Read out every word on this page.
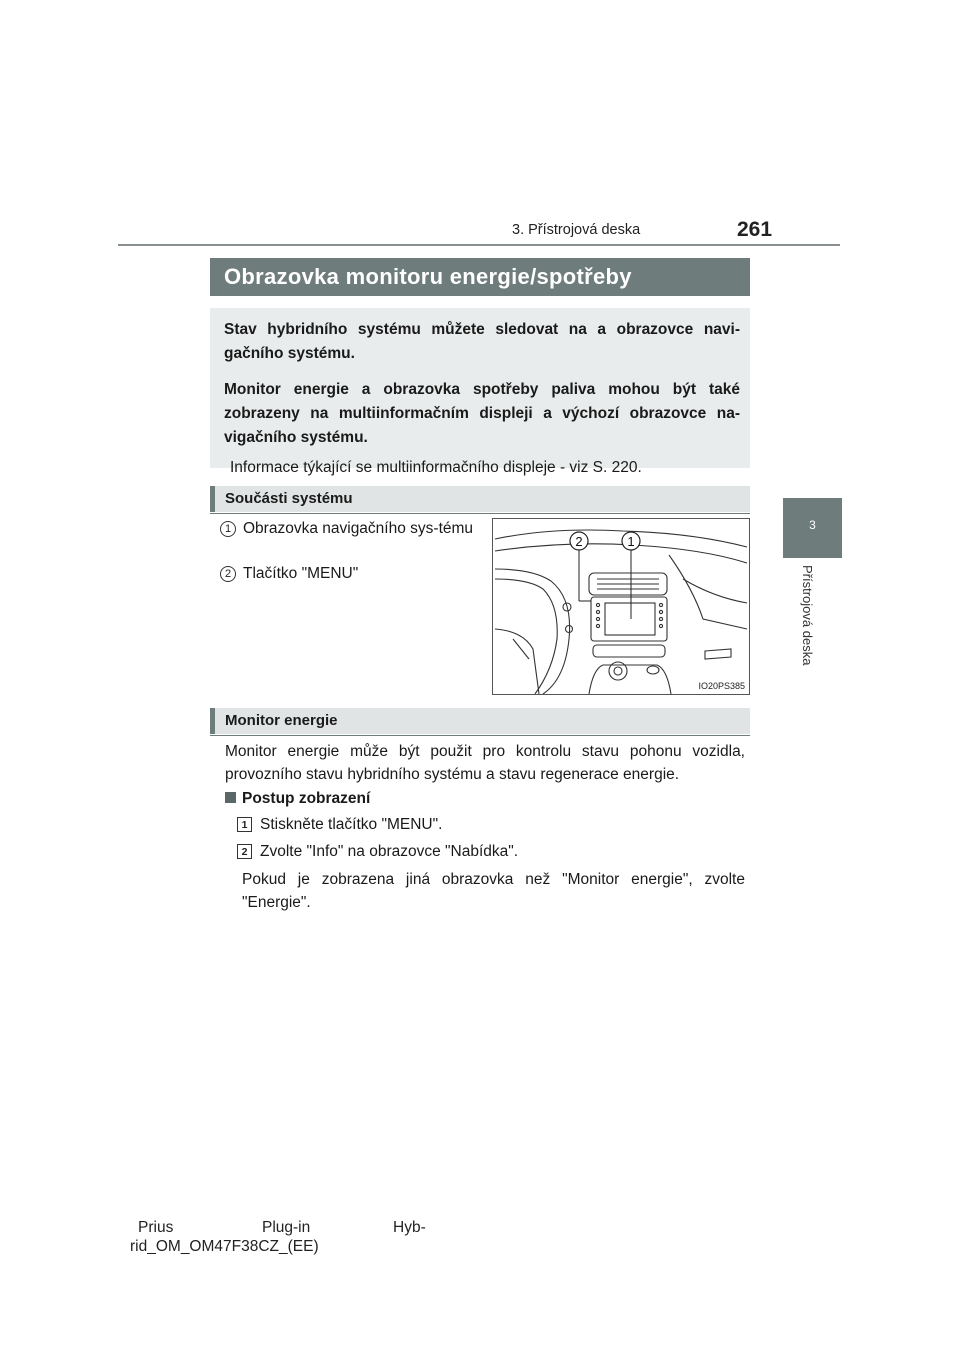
3. Přístrojová deska	261
3
Přístrojová deska
Obrazovka monitoru energie/spotřeby

Stav hybridního systému můžete sledovat na a obrazovce navi-gačního systému.

Monitor energie a obrazovka spotřeby paliva mohou být také zobrazeny na multiinformačním displeji a výchozí obrazovce na-vigačního systému.

Informace týkající se multiinformačního displeje - viz S. 220.

Součásti systému
1 Obrazovka navigačního sys-tému
2 Tlačítko "MENU"
2	1
IO20PS385
Monitor energie
Monitor energie může být použit pro kontrolu stavu pohonu vozidla, provozního stavu hybridního systému a stavu regenerace energie.
Postup zobrazení
1 Stiskněte tlačítko "MENU".
2 Zvolte "Info" na obrazovce "Nabídka".
Pokud je zobrazena jiná obrazovka než "Monitor energie", zvolte "Energie".
Prius	Plug-in	Hyb-
rid_OM_OM47F38CZ_(EE)
